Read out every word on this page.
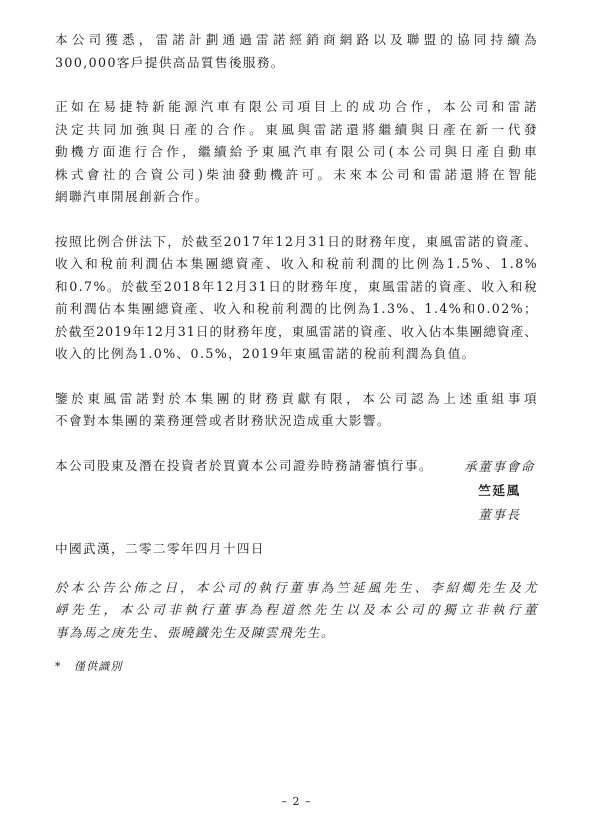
本公司獲悉，雷諾計劃通過雷諾經銷商網路以及聯盟的協同持續為
300,000客戶提供高品質售後服務。

正如在易捷特新能源汽車有限公司項目上的成功合作，本公司和雷諾
決定共同加強與日產的合作。東風與雷諾還將繼續與日產在新一代發
動機方面進行合作，繼續給予東風汽車有限公司(本公司與日產自動車
株式會社的合資公司)柴油發動機許可。未來本公司和雷諾還將在智能
網聯汽車開展創新合作。

按照比例合併法下，於截至2017年12月31日的財務年度，東風雷諾的資產、
收入和稅前利潤佔本集團總資產、收入和稅前利潤的比例為1.5%、1.8%
和0.7%。於截至2018年12月31日的財務年度，東風雷諾的資產、收入和稅
前利潤佔本集團總資產、收入和稅前利潤的比例為1.3%、1.4%和0.02%；
於截至2019年12月31日的財務年度，東風雷諾的資產、收入佔本集團總資產、
收入的比例為1.0%、0.5%，2019年東風雷諾的稅前利潤為負值。

鑒於東風雷諾對於本集團的財務貢獻有限，本公司認為上述重組事項
不會對本集團的業務運營或者財務狀況造成重大影響。

本公司股東及潛在投資者於買賣本公司證券時務請審慎行事。	承董事會命
竺延風
董事長

中國武漢，二零二零年四月十四日

於本公告公佈之日，本公司的執行董事為竺延風先生、李紹燭先生及尤
崢先生，本公司非執行董事為程道然先生以及本公司的獨立非執行董
事為馬之庚先生、張曉鐵先生及陳雲飛先生。

*　僅供識別
– 2 –
